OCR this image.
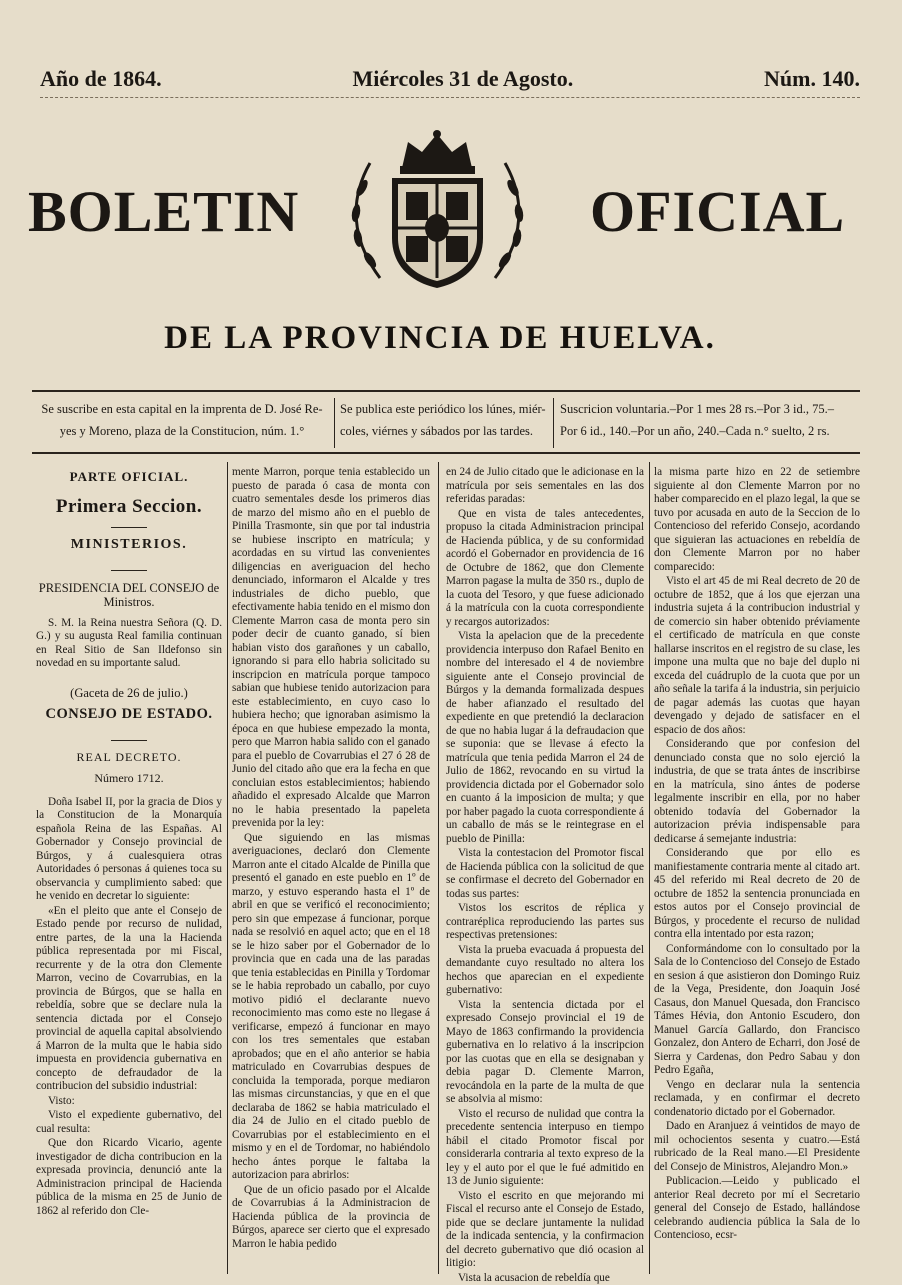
Año de 1864.	Miércoles 31 de Agosto.	Núm. 140.
BOLETIN	OFICIAL
DE LA PROVINCIA DE HUELVA.
Se suscribe en esta capital en la imprenta de D. José Re-
yes y Moreno, plaza de la Constitucion, núm. 1.°
Se publica este periódico los lúnes, miér-
coles, viérnes y sábados por las tardes.
Suscricion voluntaria.–Por 1 mes 28 rs.–Por 3 id., 75.–
Por 6 id., 140.–Por un año, 240.–Cada n.° suelto, 2 rs.
PARTE OFICIAL.
Primera Seccion.
MINISTERIOS.
PRESIDENCIA DEL CONSEJO de Ministros.

S. M. la Reina nuestra Señora (Q. D. G.) y su augusta Real familia continuan en Real Sitio de San Ildefonso sin novedad en su importante salud.

(Gaceta de 26 de julio.)
CONSEJO DE ESTADO.
REAL DECRETO.
Número 1712.

Doña Isabel II, por la gracia de Dios y la Constitucion de la Monarquía española Reina de las Españas. Al Gobernador y Consejo provincial de Búrgos, y á cualesquiera otras Autoridades ó personas á quienes toca su observancia y cumplimiento sabed: que he venido en decretar lo siguiente:

«En el pleito que ante el Consejo de Estado pende por recurso de nulidad, entre partes, de la una la Hacienda pública representada por mi Fiscal, recurrente y de la otra don Clemente Marron, vecino de Covarrubias, en la provincia de Búrgos, que se halla en rebeldía, sobre que se declare nula la sentencia dictada por el Consejo provincial de aquella capital absolviendo á Marron de la multa que le habia sido impuesta en providencia gubernativa en concepto de defraudador de la contribucion del subsidio industrial:

Visto:

Visto el expediente gubernativo, del cual resulta:

Que don Ricardo Vicario, agente investigador de dicha contribucion en la expresada provincia, denunció ante la Administracion principal de Hacienda pública de la misma en 25 de Junio de 1862 al referido don Cle-

mente Marron, porque tenia establecido un puesto de parada ó casa de monta con cuatro sementales desde los primeros dias de marzo del mismo año en el pueblo de Pinilla Trasmonte, sin que por tal industria se hubiese inscripto en matrícula; y acordadas en su virtud las convenientes diligencias en averiguacion del hecho denunciado, informaron el Alcalde y tres industriales de dicho pueblo, que efectivamente habia tenido en el mismo don Clemente Marron casa de monta pero sin poder decir de cuanto ganado, sí bien habian visto dos garañones y un caballo, ignorando si para ello habria solicitado su inscripcion en matrícula porque tampoco sabian que hubiese tenido autorizacion para este establecimiento, en cuyo caso lo hubiera hecho; que ignoraban asimismo la época en que hubiese empezado la monta, pero que Marron habia salido con el ganado para el pueblo de Covarrubias el 27 ó 28 de Junio del citado año que era la fecha en que concluian estos establecimientos; habiendo añadido el expresado Alcalde que Marron no le habia presentado la papeleta prevenida por la ley:

Que siguiendo en las mismas averiguaciones, declaró don Clemente Marron ante el citado Alcalde de Pinilla que presentó el ganado en este pueblo en 1º de marzo, y estuvo esperando hasta el 1º de abril en que se verificó el reconocimiento; pero sin que empezase á funcionar, porque nada se resolvió en aquel acto; que en el 18 se le hizo saber por el Gobernador de lo provincia que en cada una de las paradas que tenia establecidas en Pinilla y Tordomar se le habia reprobado un caballo, por cuyo motivo pidió el declarante nuevo reconocimiento mas como este no llegase á verificarse, empezó á funcionar en mayo con los tres sementales que estaban aprobados; que en el año anterior se habia matriculado en Covarrubias despues de concluida la temporada, porque mediaron las mismas circunstancias, y que en el que declaraba de 1862 se habia matriculado el dia 24 de Julio en el citado pueblo de Covarrubias por el establecimiento en el mismo y en el de Tordomar, no habiéndolo hecho ántes porque le faltaba la autorizacion para abrirlos:

Que de un oficio pasado por el Alcalde de Covarrubias á la Administracion de Hacienda pública de la provincia de Búrgos, aparece ser cierto que el expresado Marron le habia pedido

en 24 de Julio citado que le adicionase en la matrícula por seis sementales en las dos referidas paradas:

Que en vista de tales antecedentes, propuso la citada Administracion principal de Hacienda pública, y de su conformidad acordó el Gobernador en providencia de 16 de Octubre de 1862, que don Clemente Marron pagase la multa de 350 rs., duplo de la cuota del Tesoro, y que fuese adicionado á la matrícula con la cuota correspondiente y recargos autorizados:

Vista la apelacion que de la precedente providencia interpuso don Rafael Benito en nombre del interesado el 4 de noviembre siguiente ante el Consejo provincial de Búrgos y la demanda formalizada despues de haber afianzado el resultado del expediente en que pretendió la declaracion de que no habia lugar á la defraudacion que se suponia: que se llevase á efecto la matrícula que tenia pedida Marron el 24 de Julio de 1862, revocando en su virtud la providencia dictada por el Gobernador solo en cuanto á la imposicion de multa; y que por haber pagado la cuota correspondiente á un caballo de más se le reintegrase en el pueblo de Pinilla:

Vista la contestacion del Promotor fiscal de Hacienda pública con la solicitud de que se confirmase el decreto del Gobernador en todas sus partes:

Vistos los escritos de réplica y contraréplica reproduciendo las partes sus respectivas pretensiones:

Vista la prueba evacuada á propuesta del demandante cuyo resultado no altera los hechos que aparecian en el expediente gubernativo:

Vista la sentencia dictada por el expresado Consejo provincial el 19 de Mayo de 1863 confirmando la providencia gubernativa en lo relativo á la inscripcion por las cuotas que en ella se designaban y debia pagar D. Clemente Marron, revocándola en la parte de la multa de que se absolvia al mismo:

Visto el recurso de nulidad que contra la precedente sentencia interpuso en tiempo hábil el citado Promotor fiscal por considerarla contraria al texto expreso de la ley y el auto por el que le fué admitido en 13 de Junio siguiente:

Visto el escrito en que mejorando mi Fiscal el recurso ante el Consejo de Estado, pide que se declare juntamente la nulidad de la indicada sentencia, y la confirmacion del decreto gubernativo que dió ocasion al litigio:

Vista la acusacion de rebeldía que

la misma parte hizo en 22 de setiembre siguiente al don Clemente Marron por no haber comparecido en el plazo legal, la que se tuvo por acusada en auto de la Seccion de lo Contencioso del referido Consejo, acordando que siguieran las actuaciones en rebeldía de don Clemente Marron por no haber comparecido:

Visto el art 45 de mi Real decreto de 20 de octubre de 1852, que á los que ejerzan una industria sujeta á la contribucion industrial y de comercio sin haber obtenido préviamente el certificado de matrícula en que conste hallarse inscritos en el registro de su clase, les impone una multa que no baje del duplo ni exceda del cuádruplo de la cuota que por un año señale la tarifa á la industria, sin perjuicio de pagar además las cuotas que hayan devengado y dejado de satisfacer en el espacio de dos años:

Considerando que por confesion del denunciado consta que no solo ejerció la industria, de que se trata ántes de inscribirse en la matrícula, sino ántes de poderse legalmente inscribir en ella, por no haber obtenido todavía del Gobernador la autorizacion prévia indispensable para dedicarse á semejante industria:

Considerando que por ello es manifiestamente contraria mente al citado art. 45 del referido mi Real decreto de 20 de octubre de 1852 la sentencia pronunciada en estos autos por el Consejo provincial de Búrgos, y procedente el recurso de nulidad contra ella intentado por esta razon;

Conformándome con lo consultado por la Sala de lo Contencioso del Consejo de Estado en sesion á que asistieron don Domingo Ruiz de la Vega, Presidente, don Joaquin José Casaus, don Manuel Quesada, don Francisco Támes Hévia, don Antonio Escudero, don Manuel García Gallardo, don Francisco Gonzalez, don Antero de Echarri, don José de Sierra y Cardenas, don Pedro Sabau y don Pedro Egaña,

Vengo en declarar nula la sentencia reclamada, y en confirmar el decreto condenatorio dictado por el Gobernador.

Dado en Aranjuez á veintidos de mayo de mil ochocientos sesenta y cuatro.—Está rubricado de la Real mano.—El Presidente del Consejo de Ministros, Alejandro Mon.»

Publicacion.—Leido y publicado el anterior Real decreto por mí el Secretario general del Consejo de Estado, hallándose celebrando audiencia pública la Sala de lo Contencioso, ecsr-
